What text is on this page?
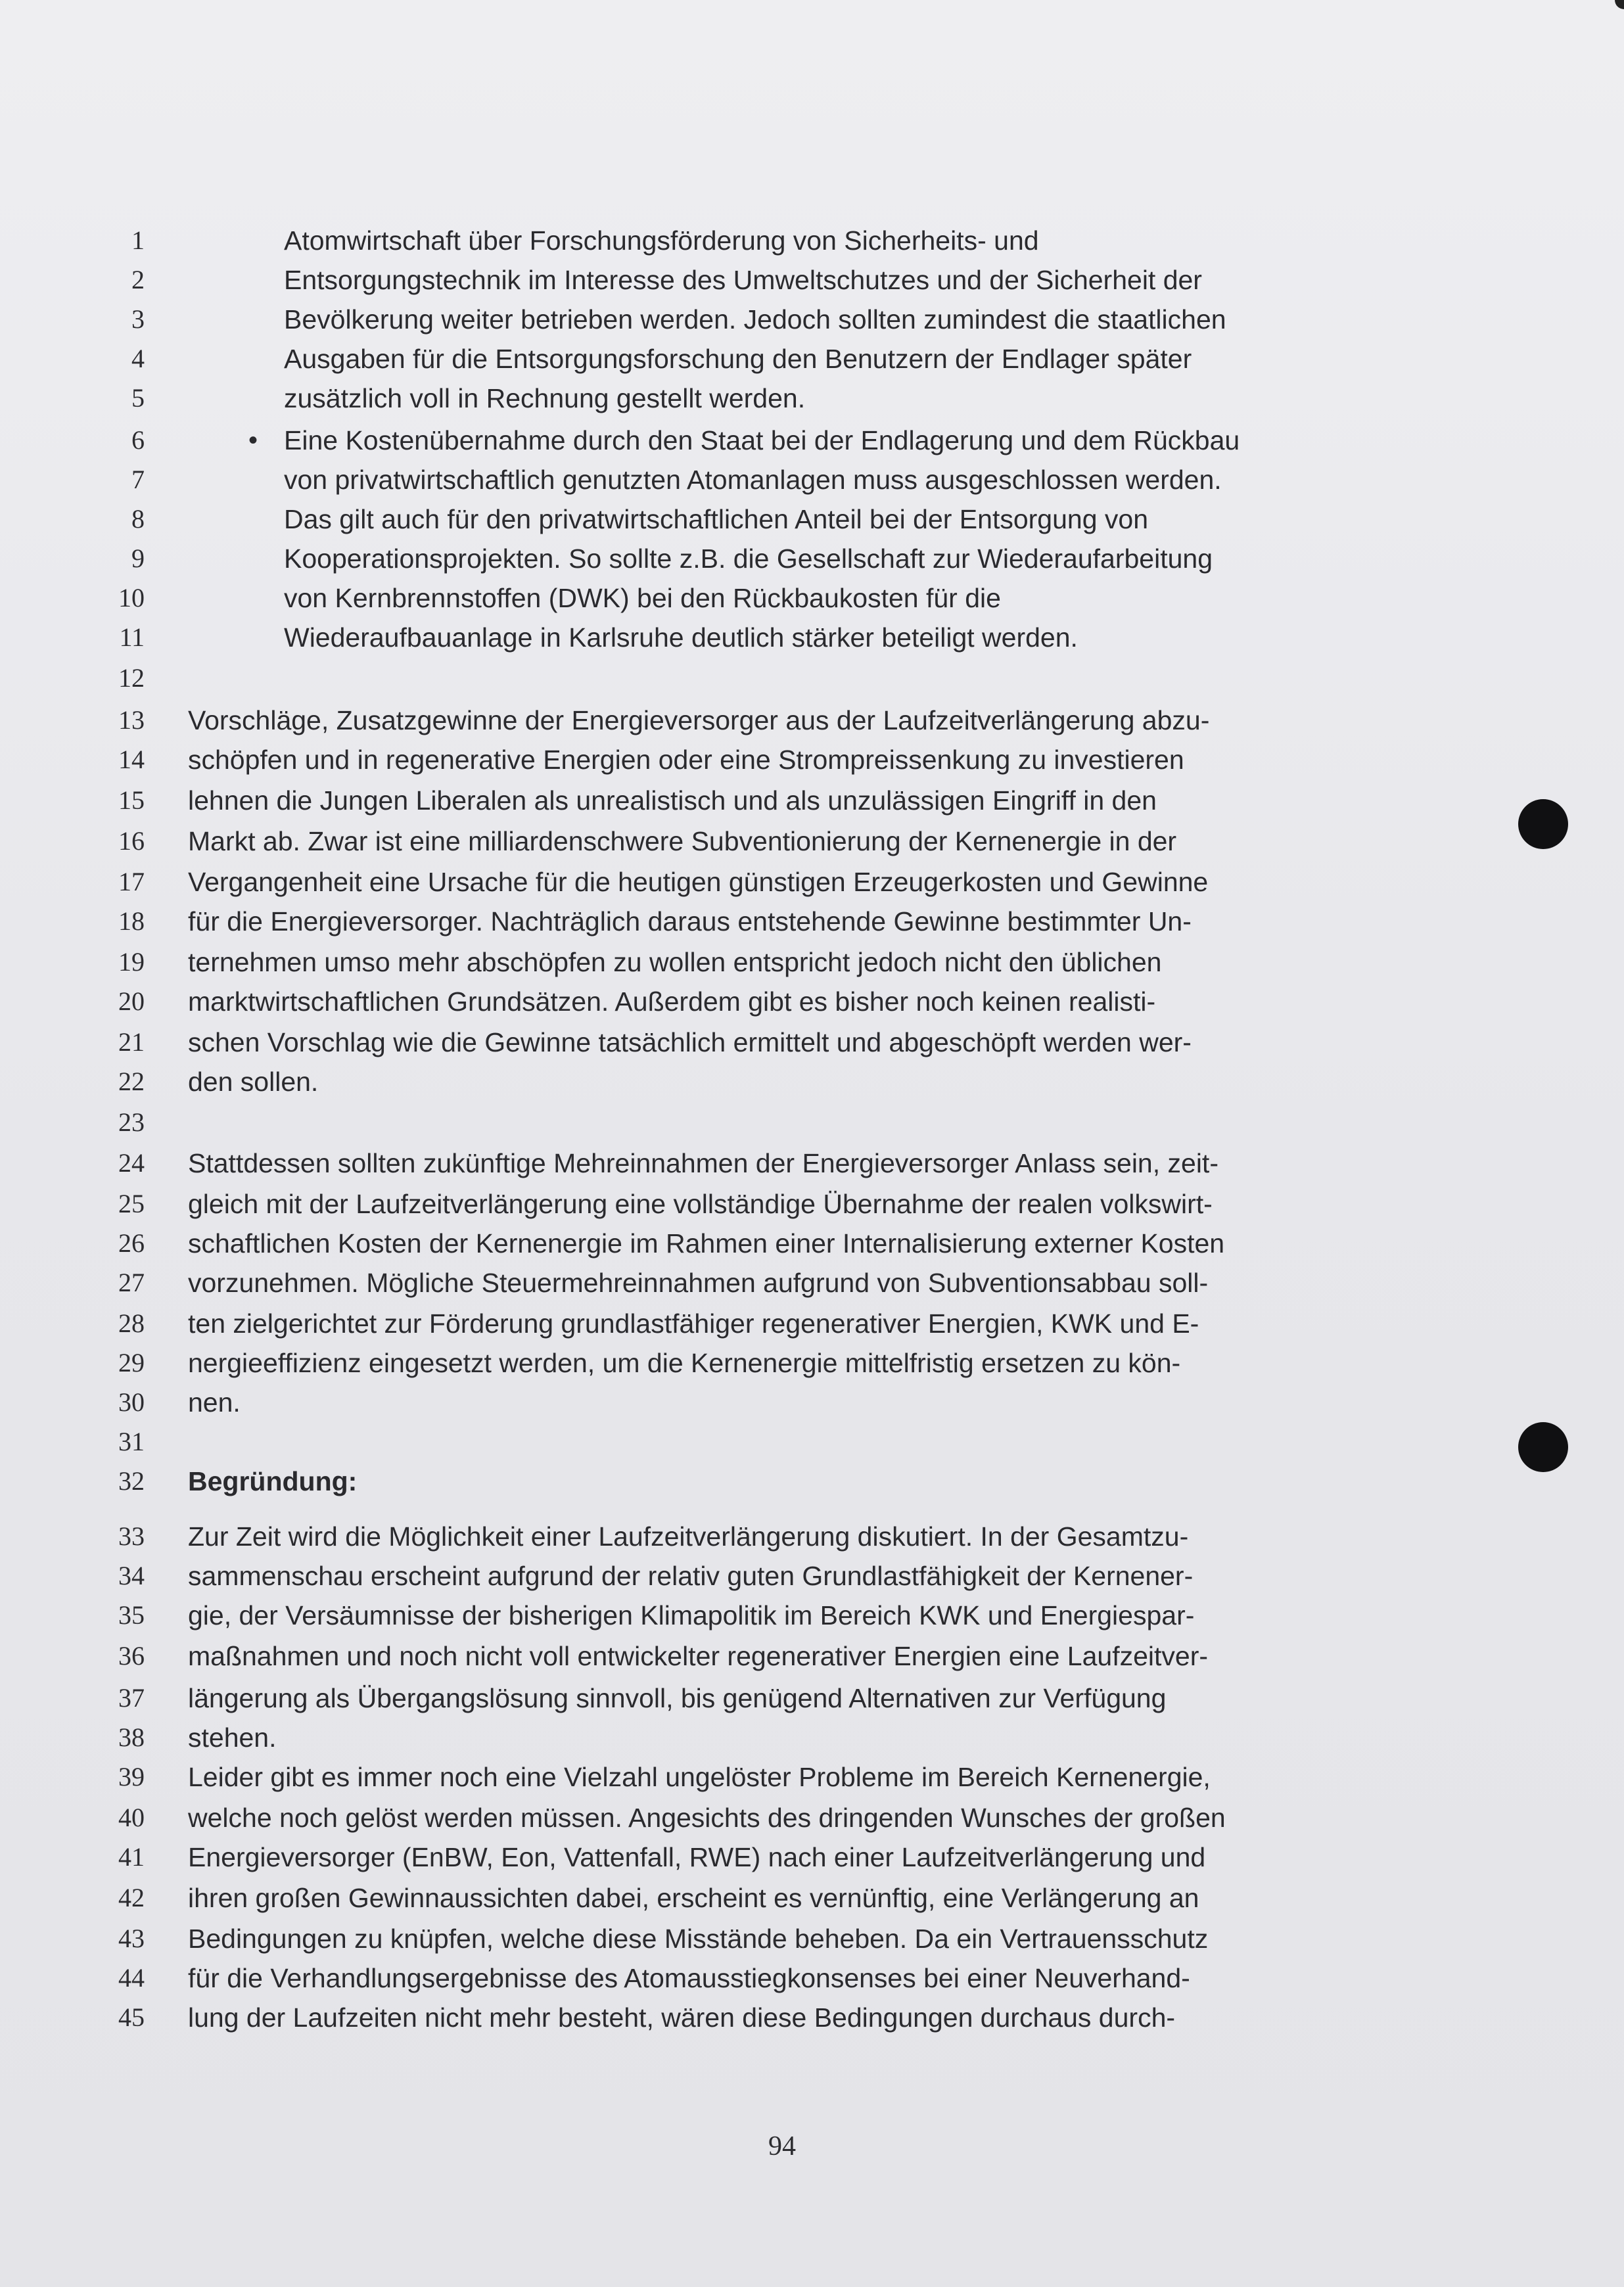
1	Atomwirtschaft über Forschungsförderung von Sicherheits- und
2	Entsorgungstechnik im Interesse des Umweltschutzes und der Sicherheit der
3	Bevölkerung weiter betrieben werden. Jedoch sollten zumindest die staatlichen
4	Ausgaben für die Entsorgungsforschung den Benutzern der Endlager später
5	zusätzlich voll in Rechnung gestellt werden.
6	• Eine Kostenübernahme durch den Staat bei der Endlagerung und dem Rückbau
7	von privatwirtschaftlich genutzten Atomanlagen muss ausgeschlossen werden.
8	Das gilt auch für den privatwirtschaftlichen Anteil bei der Entsorgung von
9	Kooperationsprojekten. So sollte z.B. die Gesellschaft zur Wiederaufarbeitung
10	von Kernbrennstoffen (DWK) bei den Rückbaukosten für die
11	Wiederaufbauanlage in Karlsruhe deutlich stärker beteiligt werden.
12
13 Vorschläge, Zusatzgewinne der Energieversorger aus der Laufzeitverlängerung abzu-
14 schöpfen und in regenerative Energien oder eine Strompreissenkung zu investieren
15 lehnen die Jungen Liberalen als unrealistisch und als unzulässigen Eingriff in den
16 Markt ab. Zwar ist eine milliardenschwere Subventionierung der Kernenergie in der
17 Vergangenheit eine Ursache für die heutigen günstigen Erzeugerkosten und Gewinne
18 für die Energieversorger. Nachträglich daraus entstehende Gewinne bestimmter Un-
19 ternehmen umso mehr abschöpfen zu wollen entspricht jedoch nicht den üblichen
20 marktwirtschaftlichen Grundsätzen. Außerdem gibt es bisher noch keinen realisti-
21 schen Vorschlag wie die Gewinne tatsächlich ermittelt und abgeschöpft werden wer-
22 den sollen.
23
24 Stattdessen sollten zukünftige Mehreinnahmen der Energieversorger Anlass sein, zeit-
25 gleich mit der Laufzeitverlängerung eine vollständige Übernahme der realen volkswirt-
26 schaftlichen Kosten der Kernenergie im Rahmen einer Internalisierung externer Kosten
27 vorzunehmen. Mögliche Steuermehreinnahmen aufgrund von Subventionsabbau soll-
28 ten zielgerichtet zur Förderung grundlastfähiger regenerativer Energien, KWK und E-
29 nergieeffizienz eingesetzt werden, um die Kernenergie mittelfristig ersetzen zu kön-
30 nen.
31
32 Begründung:
33 Zur Zeit wird die Möglichkeit einer Laufzeitverlängerung diskutiert. In der Gesamtzu-
34 sammenschau erscheint aufgrund der relativ guten Grundlastfähigkeit der Kernener-
35 gie, der Versäumnisse der bisherigen Klimapolitik im Bereich KWK und Energiespar-
36 maßnahmen und noch nicht voll entwickelter regenerativer Energien eine Laufzeitver-
37 längerung als Übergangslösung sinnvoll, bis genügend Alternativen zur Verfügung
38 stehen.
39 Leider gibt es immer noch eine Vielzahl ungelöster Probleme im Bereich Kernenergie,
40 welche noch gelöst werden müssen. Angesichts des dringenden Wunsches der großen
41 Energieversorger (EnBW, Eon, Vattenfall, RWE) nach einer Laufzeitverlängerung und
42 ihren großen Gewinnaussichten dabei, erscheint es vernünftig, eine Verlängerung an
43 Bedingungen zu knüpfen, welche diese Misstände beheben. Da ein Vertrauensschutz
44 für die Verhandlungsergebnisse des Atomausstiegkonsenses bei einer Neuverhand-
45 lung der Laufzeiten nicht mehr besteht, wären diese Bedingungen durchaus durch-
94
